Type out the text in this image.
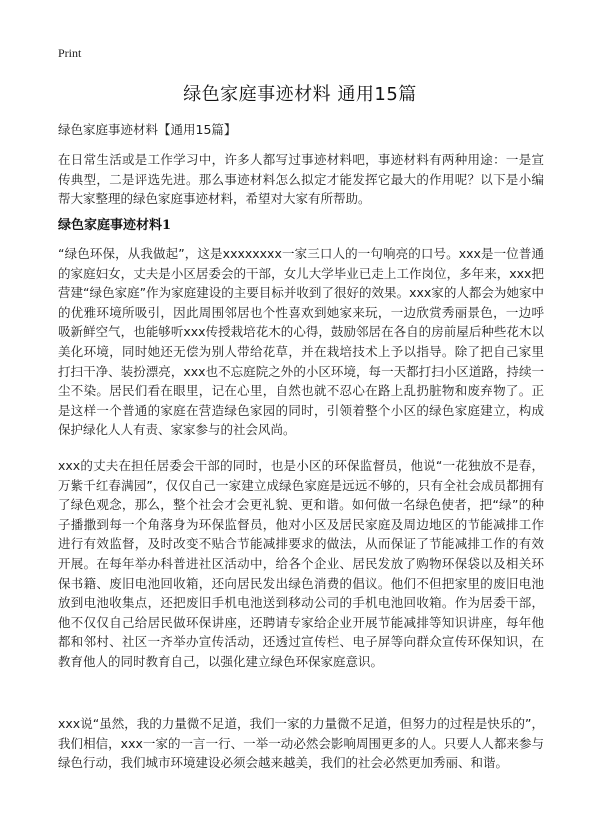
Print
绿色家庭事迹材料 通用15篇
绿色家庭事迹材料【通用15篇】

在日常生活或是工作学习中，许多人都写过事迹材料吧，事迹材料有两种用途：一是宣传典型，二是评选先进。那么事迹材料怎么拟定才能发挥它最大的作用呢？以下是小编帮大家整理的绿色家庭事迹材料，希望对大家有所帮助。

绿色家庭事迹材料1

“绿色环保，从我做起”，这是xxxxxxxx一家三口人的一句响亮的口号。xxx是一位普通的家庭妇女，丈夫是小区居委会的干部，女儿大学毕业已走上工作岗位，多年来，xxx把营建“绿色家庭”作为家庭建设的主要目标并收到了很好的效果。xxx家的人都会为她家中的优雅环境所吸引，因此周围邻居也个性喜欢到她家来玩，一边欣赏秀丽景色，一边呼吸新鲜空气，也能够听xxx传授栽培花木的心得，鼓励邻居在各自的房前屋后种些花木以美化环境，同时她还无偿为别人带给花草，并在栽培技术上予以指导。除了把自己家里打扫干净、装扮漂亮，xxx也不忘庭院之外的小区环境，每一天都打扫小区道路，持续一尘不染。居民们看在眼里，记在心里，自然也就不忍心在路上乱扔脏物和废弃物了。正是这样一个普通的家庭在营造绿色家园的同时，引领着整个小区的绿色家庭建立，构成保护绿化人人有责、家家参与的社会风尚。

xxx的丈夫在担任居委会干部的同时，也是小区的环保监督员，他说“一花独放不是春，万紫千红春满园”，仅仅自己一家建立成绿色家庭是远远不够的，只有全社会成员都拥有了绿色观念，那么，整个社会才会更礼貌、更和谐。如何做一名绿色使者，把“绿”的种子播撒到每一个角落身为环保监督员，他对小区及居民家庭及周边地区的节能减排工作进行有效监督，及时改变不贴合节能减排要求的做法，从而保证了节能减排工作的有效开展。在每年举办科普进社区活动中，给各个企业、居民发放了购物环保袋以及相关环保书籍、废旧电池回收箱，还向居民发出绿色消费的倡议。他们不但把家里的废旧电池放到电池收集点，还把废旧手机电池送到移动公司的手机电池回收箱。作为居委干部，他不仅仅自己给居民做环保讲座，还聘请专家给企业开展节能减排等知识讲座，每年他都和邻村、社区一齐举办宣传活动，还透过宣传栏、电子屏等向群众宣传环保知识，在教育他人的同时教育自己，以强化建立绿色环保家庭意识。

xxx说“虽然，我的力量微不足道，我们一家的力量微不足道，但努力的过程是快乐的”，我们相信，xxx一家的一言一行、一举一动必然会影响周围更多的人。只要人人都来参与绿色行动，我们城市环境建设必须会越来越美，我们的社会必然更加秀丽、和谐。
